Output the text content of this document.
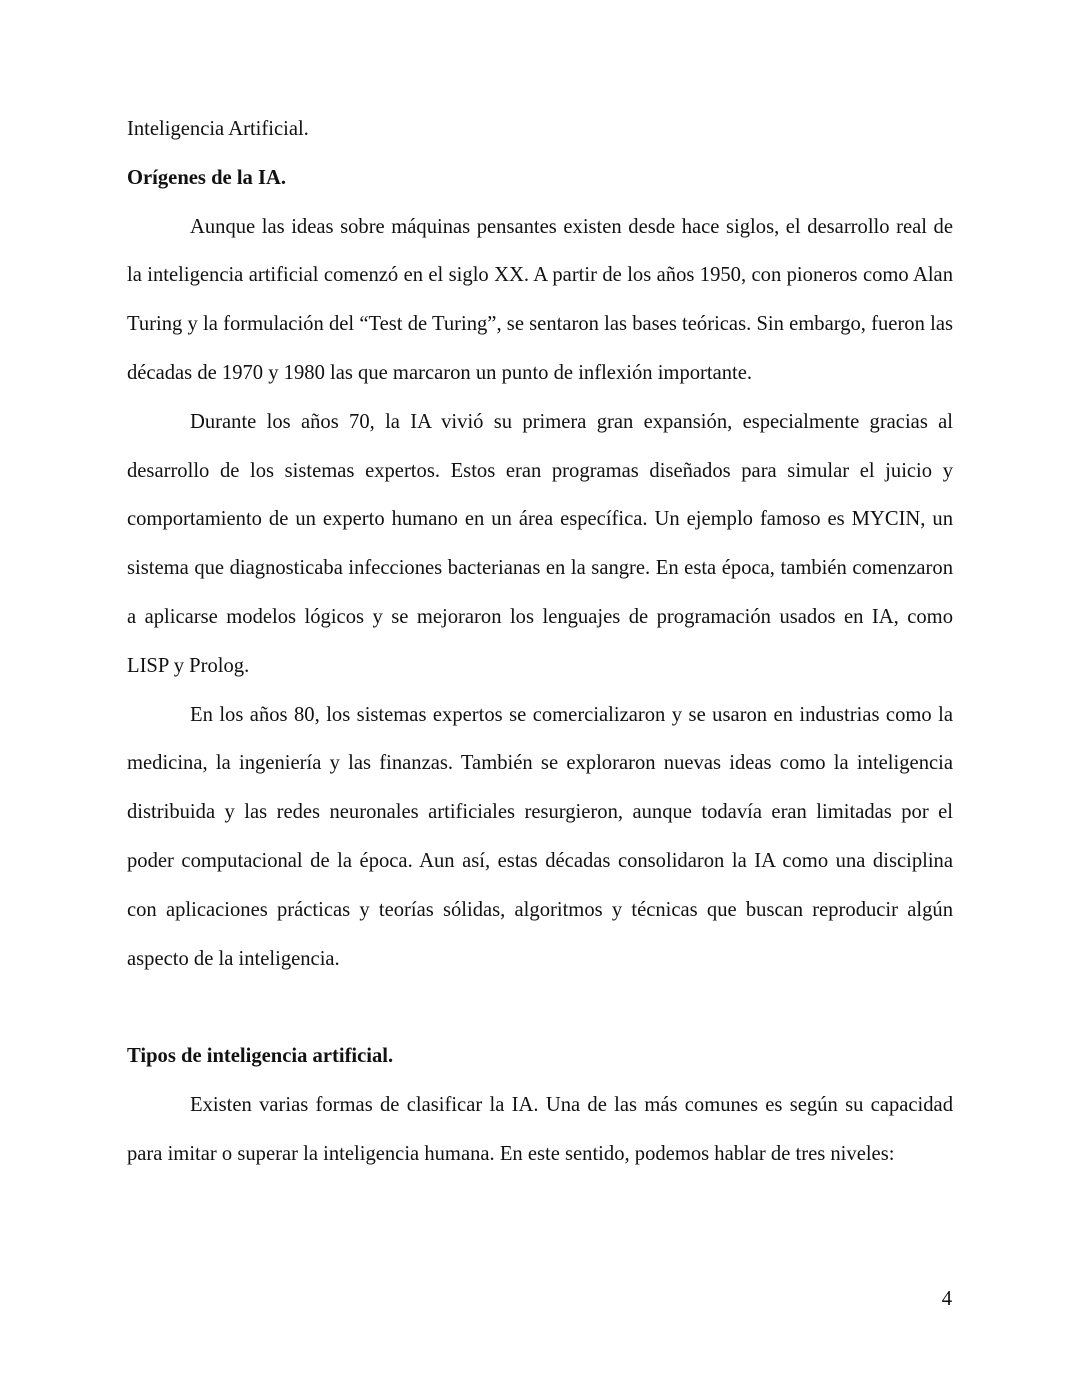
Inteligencia Artificial.

Orígenes de la IA.

Aunque las ideas sobre máquinas pensantes existen desde hace siglos, el desarrollo real de la inteligencia artificial comenzó en el siglo XX. A partir de los años 1950, con pioneros como Alan Turing y la formulación del “Test de Turing”, se sentaron las bases teóricas. Sin embargo, fueron las décadas de 1970 y 1980 las que marcaron un punto de inflexión importante.

Durante los años 70, la IA vivió su primera gran expansión, especialmente gracias al desarrollo de los sistemas expertos. Estos eran programas diseñados para simular el juicio y comportamiento de un experto humano en un área específica. Un ejemplo famoso es MYCIN, un sistema que diagnosticaba infecciones bacterianas en la sangre. En esta época, también comenzaron a aplicarse modelos lógicos y se mejoraron los lenguajes de programación usados en IA, como LISP y Prolog.

En los años 80, los sistemas expertos se comercializaron y se usaron en industrias como la medicina, la ingeniería y las finanzas. También se exploraron nuevas ideas como la inteligencia distribuida y las redes neuronales artificiales resurgieron, aunque todavía eran limitadas por el poder computacional de la época. Aun así, estas décadas consolidaron la IA como una disciplina con aplicaciones prácticas y teorías sólidas, algoritmos y técnicas que buscan reproducir algún aspecto de la inteligencia.

Tipos de inteligencia artificial.

Existen varias formas de clasificar la IA. Una de las más comunes es según su capacidad para imitar o superar la inteligencia humana. En este sentido, podemos hablar de tres niveles:

4
